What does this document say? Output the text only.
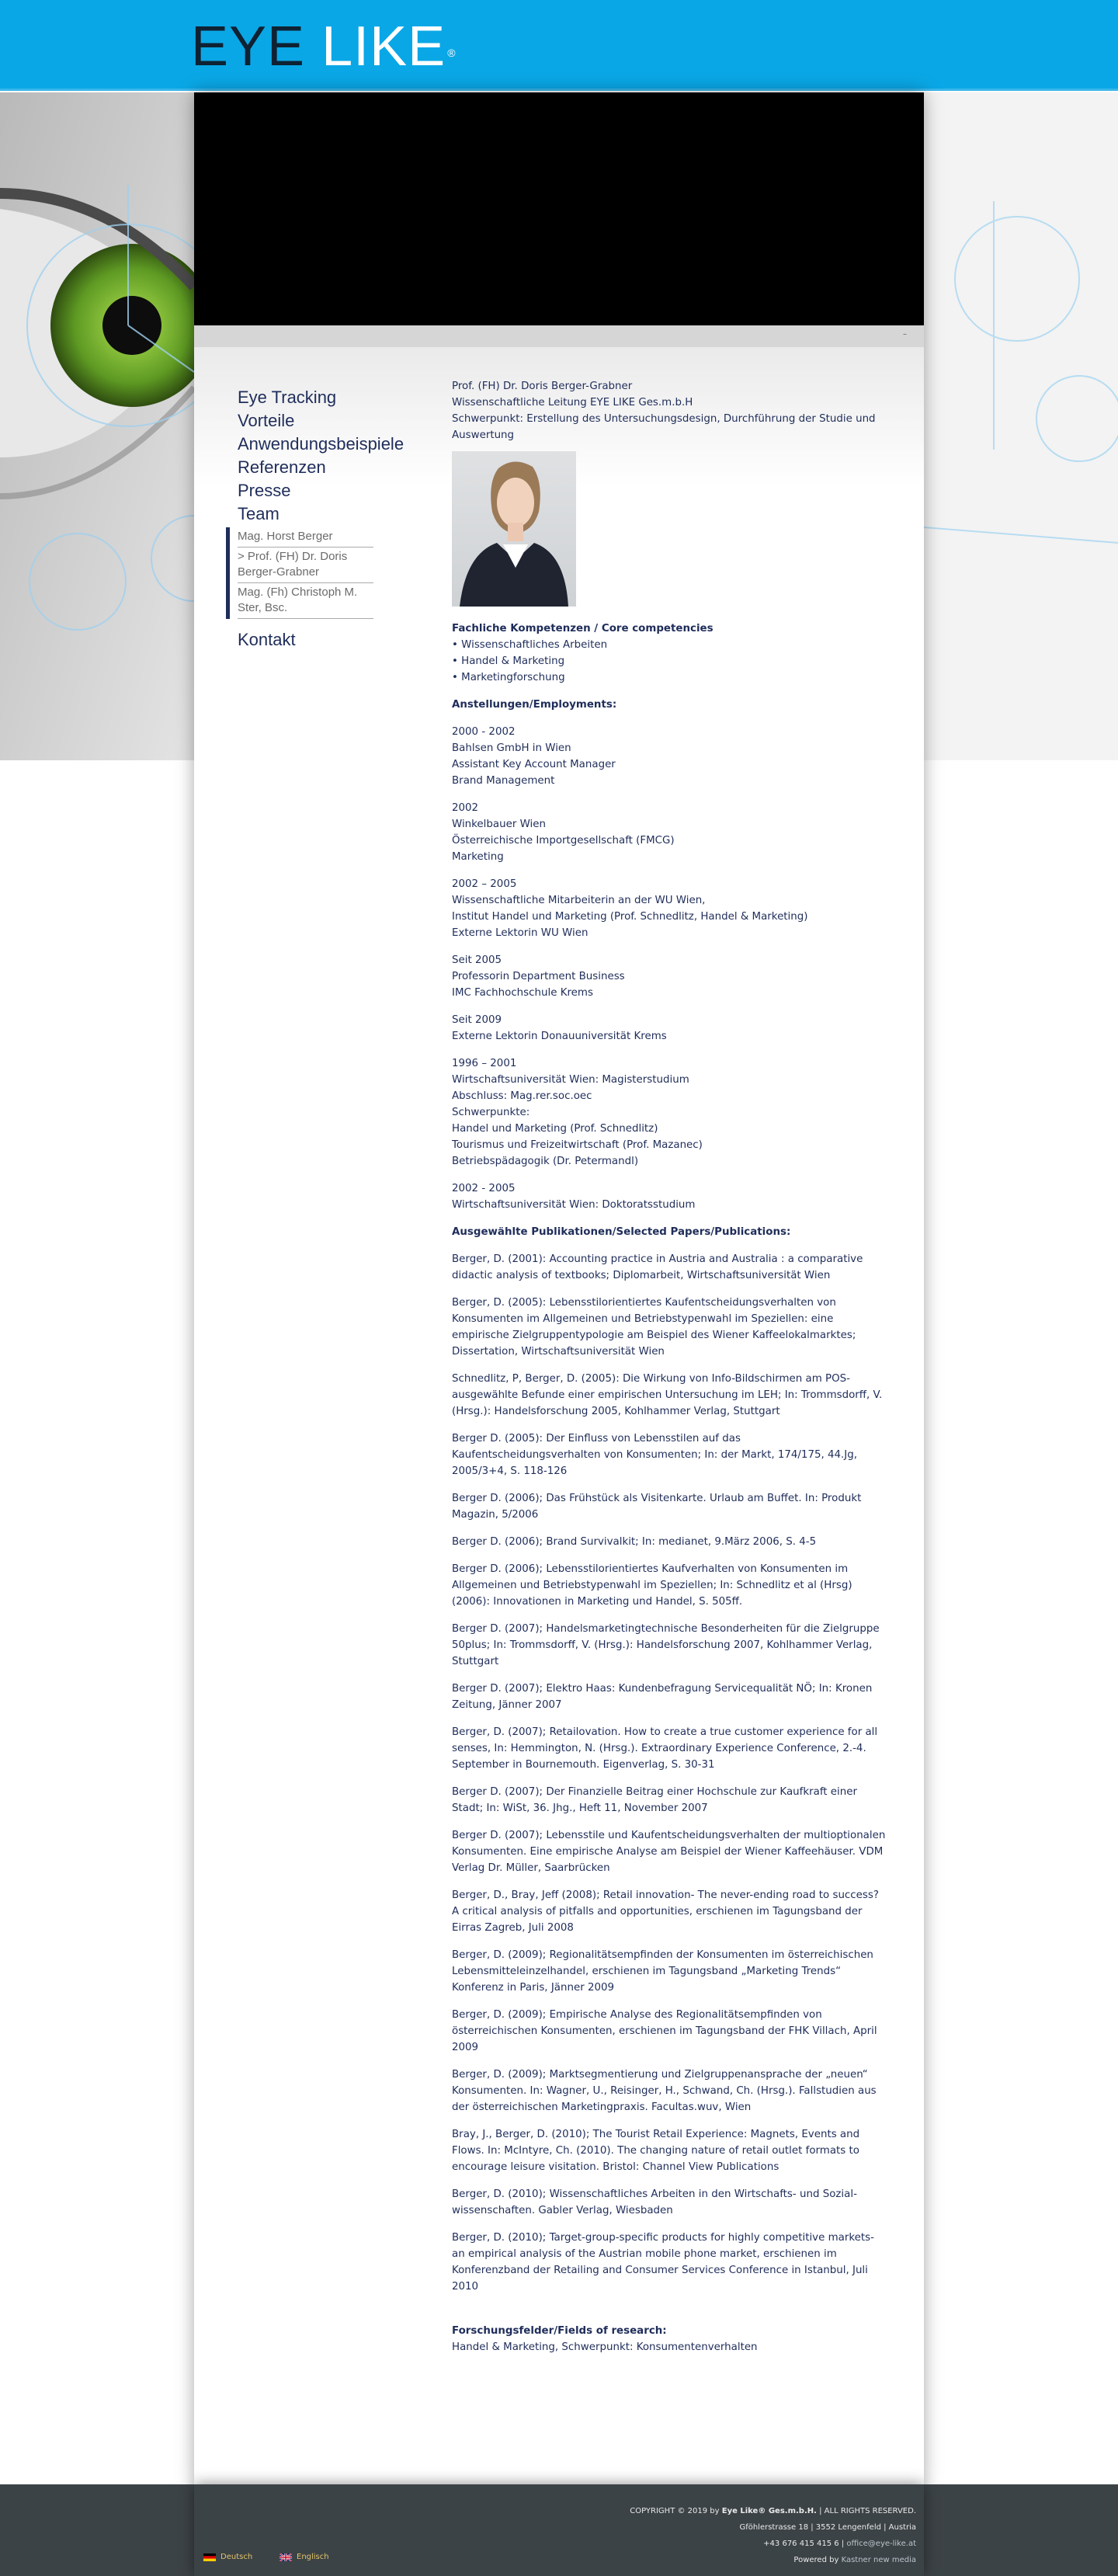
EYE LIKE ®
–
Eye Tracking
Vorteile
Anwendungsbeispiele
Referenzen
Presse
Team
Mag. Horst Berger
> Prof. (FH) Dr. Doris Berger-Grabner
Mag. (Fh) Christoph M. Ster, Bsc.
Kontakt
Prof. (FH) Dr. Doris Berger-Grabner
Wissenschaftliche Leitung EYE LIKE Ges.m.b.H
Schwerpunkt: Erstellung des Untersuchungsdesign, Durchführung der Studie und Auswertung

Fachliche Kompetenzen / Core competencies
• Wissenschaftliches Arbeiten
• Handel & Marketing
• Marketingforschung

Anstellungen/Employments:

2000 - 2002
Bahlsen GmbH in Wien
Assistant Key Account Manager
Brand Management

2002
Winkelbauer Wien
Österreichische Importgesellschaft (FMCG)
Marketing

2002 – 2005
Wissenschaftliche Mitarbeiterin an der WU Wien,
Institut Handel und Marketing (Prof. Schnedlitz, Handel & Marketing)
Externe Lektorin WU Wien

Seit 2005
Professorin Department Business
IMC Fachhochschule Krems

Seit 2009
Externe Lektorin Donauuniversität Krems

1996 – 2001
Wirtschaftsuniversität Wien: Magisterstudium
Abschluss: Mag.rer.soc.oec
Schwerpunkte:
Handel und Marketing (Prof. Schnedlitz)
Tourismus und Freizeitwirtschaft (Prof. Mazanec)
Betriebspädagogik (Dr. Petermandl)

2002 - 2005
Wirtschaftsuniversität Wien: Doktoratsstudium

Ausgewählte Publikationen/Selected Papers/Publications:

Berger, D. (2001): Accounting practice in Austria and Australia : a comparative didactic analysis of textbooks; Diplomarbeit, Wirtschaftsuniversität Wien

Berger, D. (2005): Lebensstilorientiertes Kaufentscheidungsverhalten von Konsumenten im Allgemeinen und Betriebstypenwahl im Speziellen: eine empirische Zielgruppentypologie am Beispiel des Wiener Kaffeelokalmarktes; Dissertation, Wirtschaftsuniversität Wien

Schnedlitz, P, Berger, D. (2005): Die Wirkung von Info-Bildschirmen am POS- ausgewählte Befunde einer empirischen Untersuchung im LEH; In: Trommsdorff, V. (Hrsg.): Handelsforschung 2005, Kohlhammer Verlag, Stuttgart

Berger D. (2005): Der Einfluss von Lebensstilen auf das Kaufentscheidungsverhalten von Konsumenten; In: der Markt, 174/175, 44.Jg, 2005/3+4, S. 118-126

Berger D. (2006); Das Frühstück als Visitenkarte. Urlaub am Buffet. In: Produkt Magazin, 5/2006

Berger D. (2006); Brand Survivalkit; In: medianet, 9.März 2006, S. 4-5

Berger D. (2006); Lebensstilorientiertes Kaufverhalten von Konsumenten im Allgemeinen und Betriebstypenwahl im Speziellen; In: Schnedlitz et al (Hrsg) (2006): Innovationen in Marketing und Handel, S. 505ff.

Berger D. (2007); Handelsmarketingtechnische Besonderheiten für die Zielgruppe 50plus; In: Trommsdorff, V. (Hrsg.): Handelsforschung 2007, Kohlhammer Verlag, Stuttgart

Berger D. (2007); Elektro Haas: Kundenbefragung Servicequalität NÖ; In: Kronen Zeitung, Jänner 2007

Berger, D. (2007); Retailovation. How to create a true customer experience for all senses, In: Hemmington, N. (Hrsg.). Extraordinary Experience Conference, 2.-4. September in Bournemouth. Eigenverlag, S. 30-31

Berger D. (2007); Der Finanzielle Beitrag einer Hochschule zur Kaufkraft einer Stadt; In: WiSt, 36. Jhg., Heft 11, November 2007

Berger D. (2007); Lebensstile und Kaufentscheidungsverhalten der multioptionalen Konsumenten. Eine empirische Analyse am Beispiel der Wiener Kaffeehäuser. VDM Verlag Dr. Müller, Saarbrücken

Berger, D., Bray, Jeff (2008); Retail innovation- The never-ending road to success? A critical analysis of pitfalls and opportunities, erschienen im Tagungsband der Eirras Zagreb, Juli 2008

Berger, D. (2009); Regionalitätsempfinden der Konsumenten im österreichischen Lebensmitteleinzelhandel, erschienen im Tagungsband „Marketing Trends“ Konferenz in Paris, Jänner 2009

Berger, D. (2009); Empirische Analyse des Regionalitätsempfinden von österreichischen Konsumenten, erschienen im Tagungsband der FHK Villach, April 2009

Berger, D. (2009); Marktsegmentierung und Zielgruppenansprache der „neuen“ Konsumenten. In: Wagner, U., Reisinger, H., Schwand, Ch. (Hrsg.). Fallstudien aus der österreichischen Marketingpraxis. Facultas.wuv, Wien

Bray, J., Berger, D. (2010); The Tourist Retail Experience: Magnets, Events and Flows. In: McIntyre, Ch. (2010). The changing nature of retail outlet formats to encourage leisure visitation. Bristol: Channel View Publications

Berger, D. (2010); Wissenschaftliches Arbeiten in den Wirtschafts- und Sozial- wissenschaften. Gabler Verlag, Wiesbaden

Berger, D. (2010); Target-group-specific products for highly competitive markets- an empirical analysis of the Austrian mobile phone market, erschienen im Konferenzband der Retailing and Consumer Services Conference in Istanbul, Juli 2010

Forschungsfelder/Fields of research:
Handel & Marketing, Schwerpunkt: Konsumentenverhalten

COPYRIGHT © 2019 by Eye Like® Ges.m.b.H. | ALL RIGHTS RESERVED.
Gföhlerstrasse 18 | 3552 Lengenfeld | Austria
+43 676 415 415 6 | office@eye-like.at
Powered by Kastner new media
Deutsch	Englisch
